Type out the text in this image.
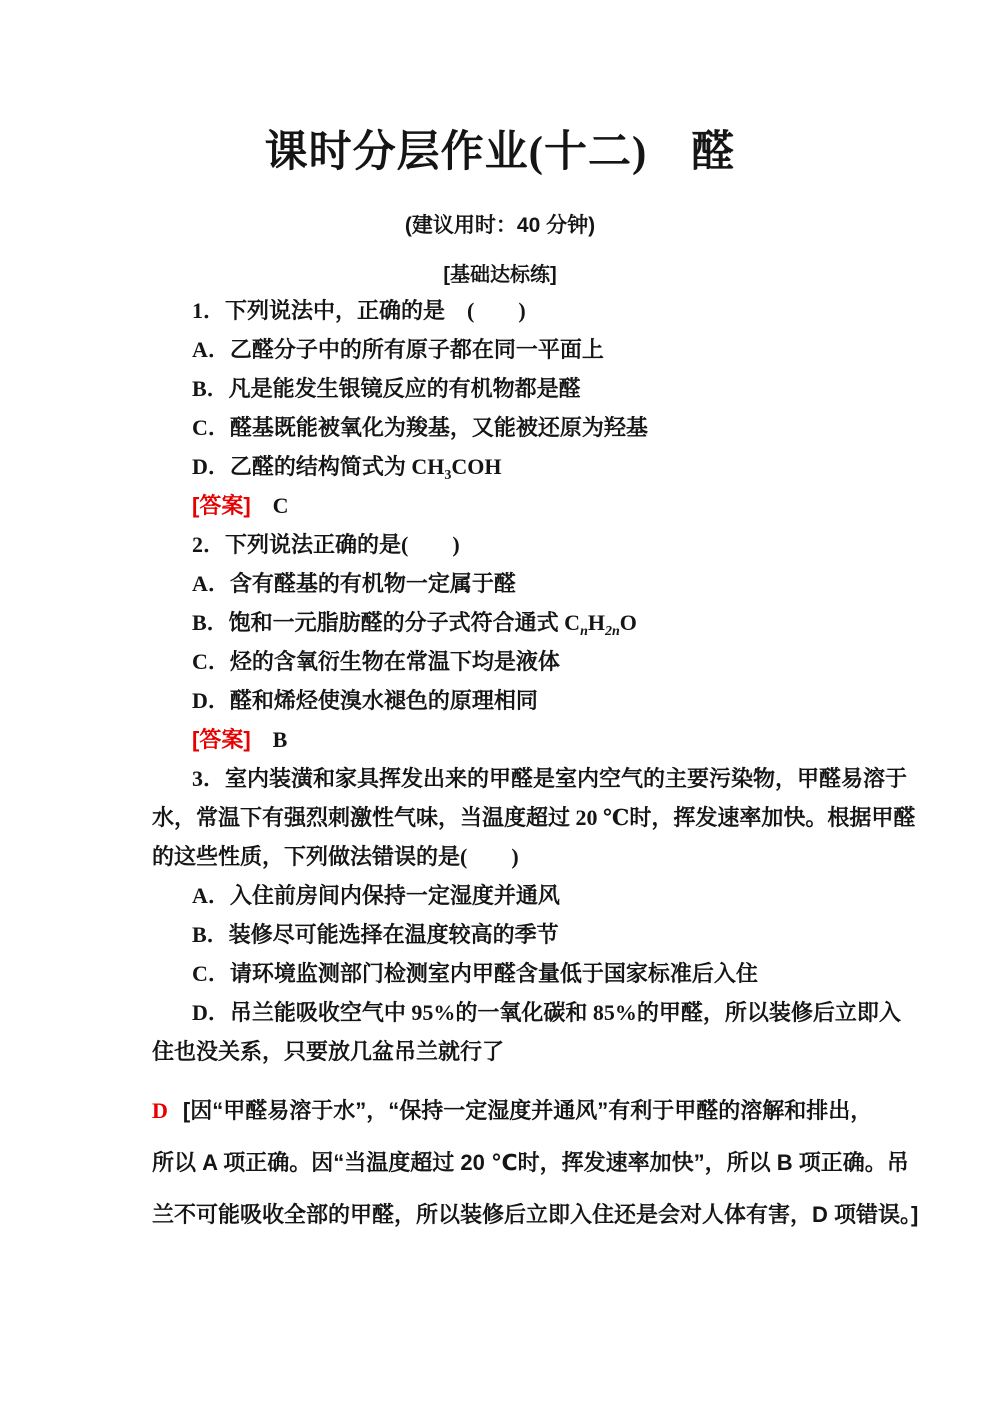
课时分层作业(十二)　醛
(建议用时：40 分钟)
[基础达标练]
1．下列说法中，正确的是　(　　)
A．乙醛分子中的所有原子都在同一平面上
B．凡是能发生银镜反应的有机物都是醛
C．醛基既能被氧化为羧基，又能被还原为羟基
D．乙醛的结构简式为 $CH_3COH$
[答案] C
2．下列说法正确的是(　　)
A．含有醛基的有机物一定属于醛
B．饱和一元脂肪醛的分子式符合通式 $C_nH_{2n}O$
C．烃的含氧衍生物在常温下均是液体
D．醛和烯烃使溴水褪色的原理相同
[答案] B
3．室内装潢和家具挥发出来的甲醛是室内空气的主要污染物，甲醛易溶于
水，常温下有强烈刺激性气味，当温度超过 20 ℃时，挥发速率加快。根据甲醛
的这些性质，下列做法错误的是(　　)
A．入住前房间内保持一定湿度并通风
B．装修尽可能选择在温度较高的季节
C．请环境监测部门检测室内甲醛含量低于国家标准后入住
D．吊兰能吸收空气中 95%的一氧化碳和 85%的甲醛，所以装修后立即入
住也没关系，只要放几盆吊兰就行了
D [因“甲醛易溶于水”，“保持一定湿度并通风”有利于甲醛的溶解和排出，
所以 A 项正确。因“当温度超过 20 ℃时，挥发速率加快”，所以 B 项正确。吊
兰不可能吸收全部的甲醛，所以装修后立即入住还是会对人体有害，D 项错误。]
